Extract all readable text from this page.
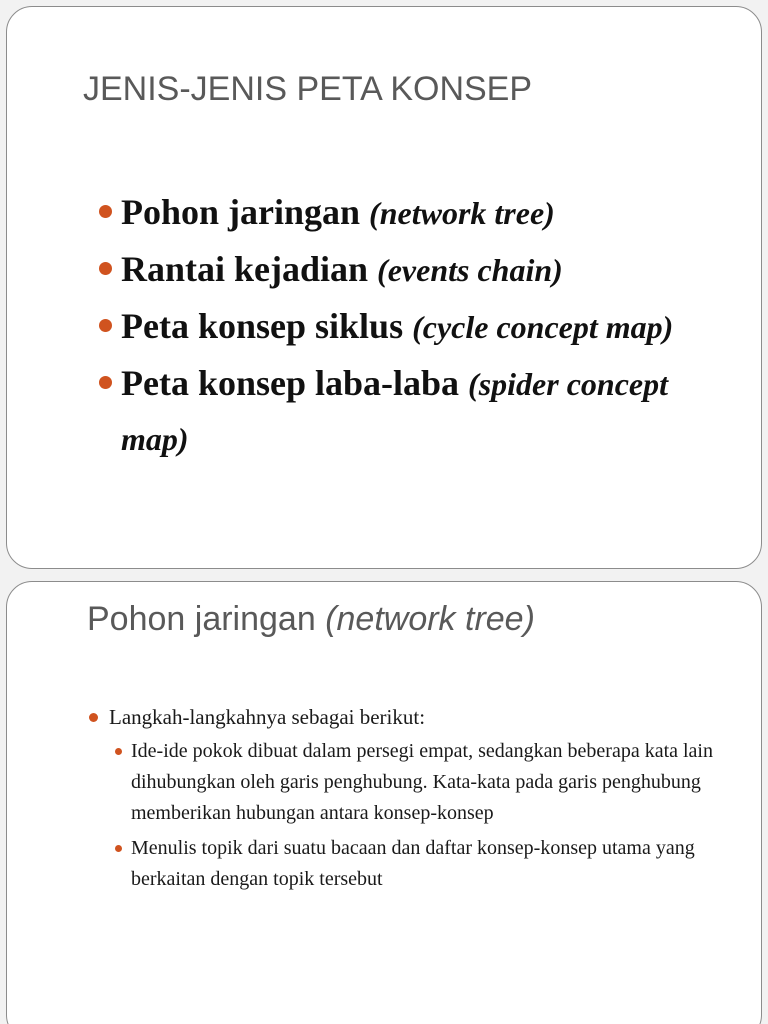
JENIS-JENIS PETA KONSEP
Pohon jaringan (network tree)
Rantai kejadian (events chain)
Peta konsep siklus (cycle concept map)
Peta konsep laba-laba (spider concept map)
Pohon jaringan (network tree)
Langkah-langkahnya sebagai berikut:
Ide-ide pokok dibuat dalam persegi empat, sedangkan beberapa kata lain dihubungkan oleh garis penghubung. Kata-kata pada garis penghubung memberikan hubungan antara konsep-konsep
Menulis topik dari suatu bacaan dan daftar konsep-konsep utama yang berkaitan dengan topik tersebut
